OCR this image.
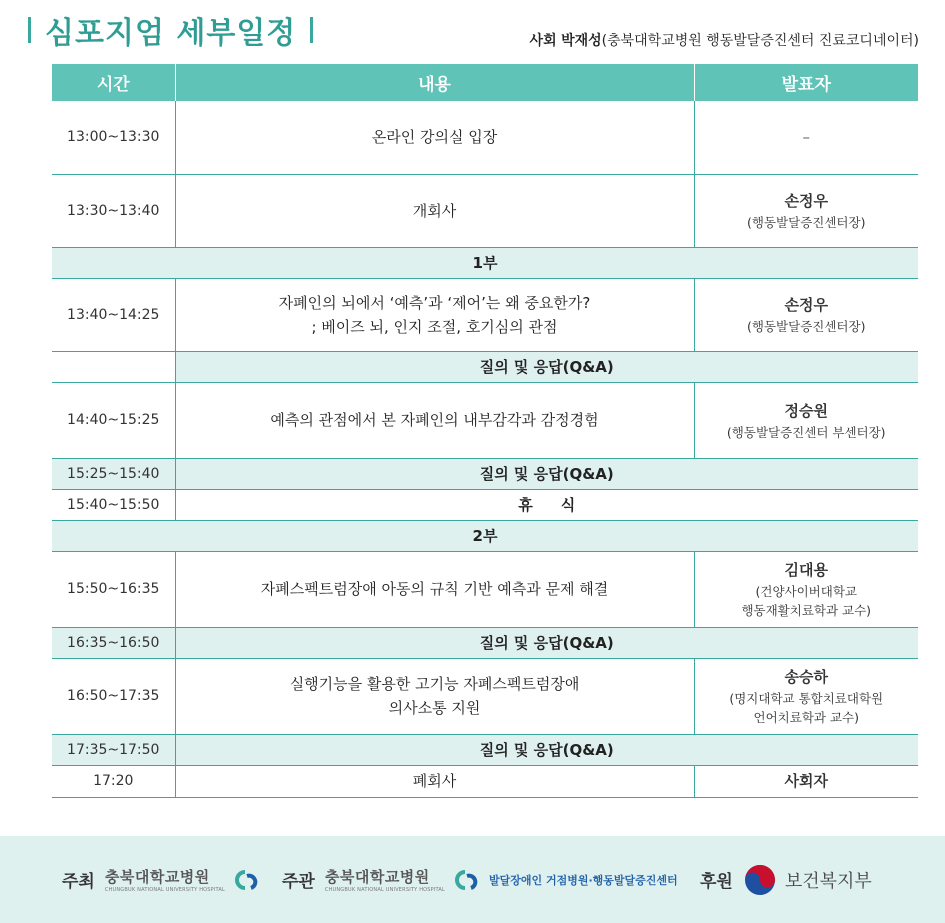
심포지엄 세부일정	사회 박재성(충북대학교병원 행동발달증진센터 진료코디네이터)
시간	내용	발표자
13:00~13:30	온라인 강의실 입장	–

13:30~13:40	개회사	손정우
(행동발달증진센터장)

1부		
13:40~14:25	자폐인의 뇌에서 ‘예측’과 ‘제어’는 왜 중요한가?
; 베이즈 뇌, 인지 조절, 호기심의 관점	손정우
(행동발달증진센터장)

	질의 및 응답(Q&A)	
14:40~15:25	예측의 관점에서 본 자폐인의 내부감각과 감정경험	정승원
(행동발달증진센터 부센터장)

15:25~15:40	질의 및 응답(Q&A)	
15:40~15:50	휴식	
2부		
15:50~16:35	자폐스펙트럼장애 아동의 규칙 기반 예측과 문제 해결	김대용
(건양사이버대학교
행동재활치료학과 교수)

16:35~16:50	질의 및 응답(Q&A)	
16:50~17:35	실행기능을 활용한 고기능 자폐스펙트럼장애
의사소통 지원	송승하
(명지대학교 통합치료대학원
언어치료학과 교수)

17:35~17:50	질의 및 응답(Q&A)	
17:20	폐회사	사회자
주최 충북대학교병원
CHUNGBUK NATIONAL UNIVERSITY HOSPITAL	주관 충북대학교병원
CHUNGBUK NATIONAL UNIVERSITY HOSPITAL
발달장애인 거점병원·행동발달증진센터 후원	보건복지부
